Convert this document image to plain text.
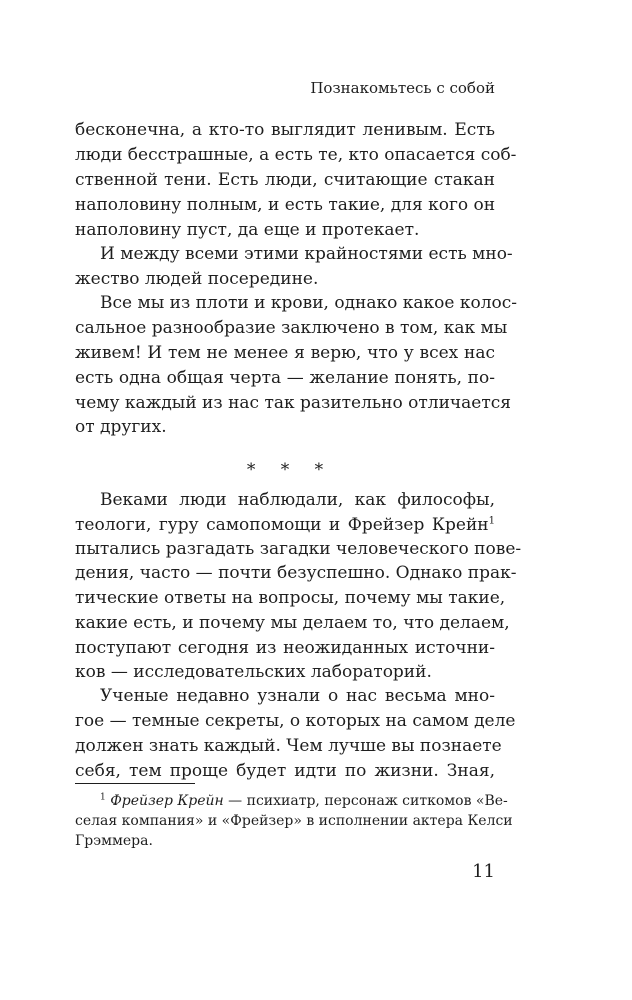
Познакомьтесь с собой
бесконечна, а кто-то выглядит ленивым. Есть
люди бесстрашные, а есть те, кто опасается соб-
ственной тени. Есть люди, считающие стакан
наполовину полным, и есть такие, для кого он
наполовину пуст, да еще и протекает.
И между всеми этими крайностями есть мно-
жество людей посередине.
Все мы из плоти и крови, однако какое колос-
сальное разнообразие заключено в том, как мы
живем! И тем не менее я верю, что у всех нас
есть одна общая черта — желание понять, по-
чему каждый из нас так разительно отличается
от других.
* * *
Веками люди наблюдали, как философы,
теологи, гуру самопомощи и Фрейзер Крейн$^1$
пытались разгадать загадки человеческого пове-
дения, часто — почти безуспешно. Однако прак-
тические ответы на вопросы, почему мы такие,
какие есть, и почему мы делаем то, что делаем,
поступают сегодня из неожиданных источни-
ков — исследовательских лабораторий.
Ученые недавно узнали о нас весьма мно-
гое — темные секреты, о которых на самом деле
должен знать каждый. Чем лучше вы познаете
себя, тем проще будет идти по жизни. Зная,
$^1$ Фрейзер Крейн — психиатр, персонаж ситкомов «Ве-
селая компания» и «Фрейзер» в исполнении актера Келси
Грэммера.
11
